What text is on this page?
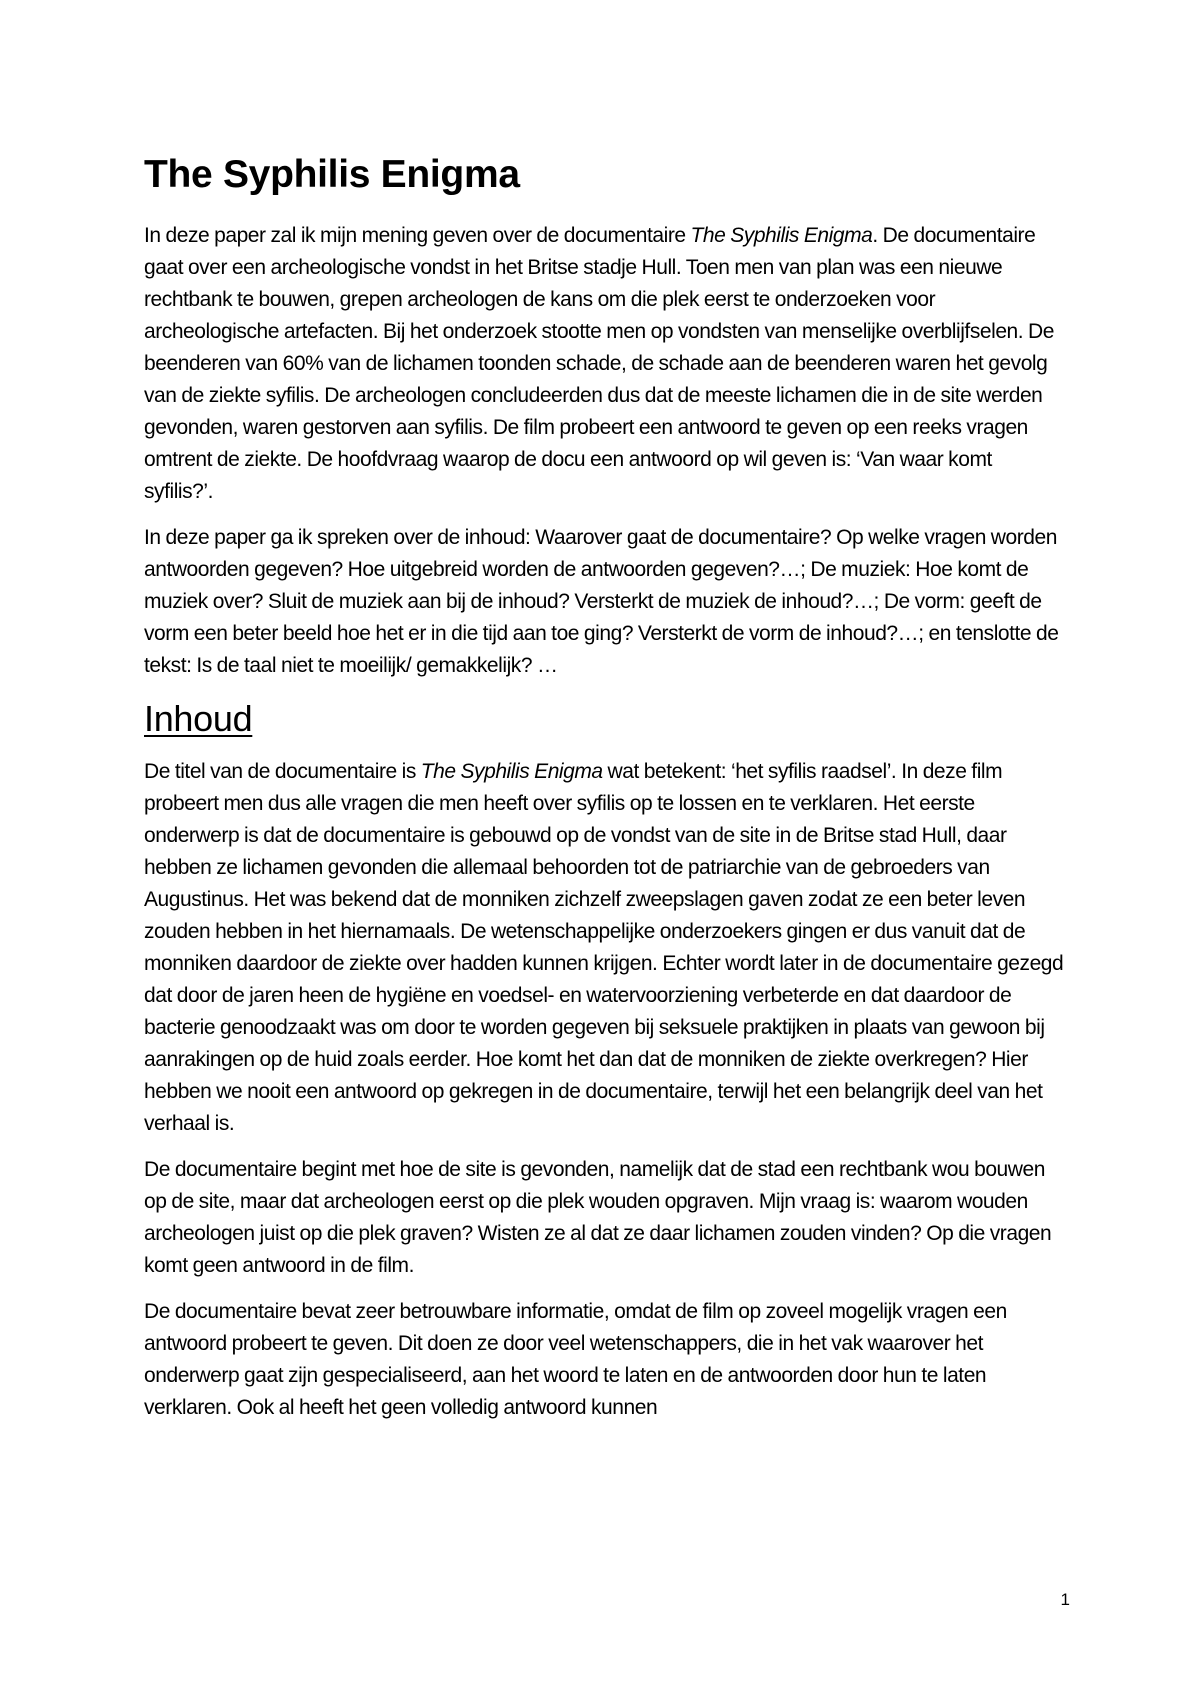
The Syphilis Enigma

In deze paper zal ik mijn mening geven over de documentaire The Syphilis Enigma. De documentaire gaat over een archeologische vondst in het Britse stadje Hull. Toen men van plan was een nieuwe rechtbank te bouwen, grepen archeologen de kans om die plek eerst te onderzoeken voor archeologische artefacten. Bij het onderzoek stootte men op vondsten van menselijke overblijfselen. De beenderen van 60% van de lichamen toonden schade, de schade aan de beenderen waren het gevolg van de ziekte syfilis. De archeologen concludeerden dus dat de meeste lichamen die in de site werden gevonden, waren gestorven aan syfilis. De film probeert een antwoord te geven op een reeks vragen omtrent de ziekte. De hoofdvraag waarop de docu een antwoord op wil geven is: ‘Van waar komt syfilis?’.

In deze paper ga ik spreken over de inhoud: Waarover gaat de documentaire? Op welke vragen worden antwoorden gegeven? Hoe uitgebreid worden de antwoorden gegeven?…; De muziek: Hoe komt de muziek over? Sluit de muziek aan bij de inhoud? Versterkt de muziek de inhoud?…; De vorm: geeft de vorm een beter beeld hoe het er in die tijd aan toe ging? Versterkt de vorm de inhoud?…; en tenslotte de tekst: Is de taal niet te moeilijk/ gemakkelijk? …

Inhoud

De titel van de documentaire is The Syphilis Enigma wat betekent: ‘het syfilis raadsel’. In deze film probeert men dus alle vragen die men heeft over syfilis op te lossen en te verklaren. Het eerste onderwerp is dat de documentaire is gebouwd op de vondst van de site in de Britse stad Hull, daar hebben ze lichamen gevonden die allemaal behoorden tot de patriarchie van de gebroeders van Augustinus. Het was bekend dat de monniken zichzelf zweepslagen gaven zodat ze een beter leven zouden hebben in het hiernamaals. De wetenschappelijke onderzoekers gingen er dus vanuit dat de monniken daardoor de ziekte over hadden kunnen krijgen. Echter wordt later in de documentaire gezegd dat door de jaren heen de hygiëne en voedsel- en watervoorziening verbeterde en dat daardoor de bacterie genoodzaakt was om door te worden gegeven bij seksuele praktijken in plaats van gewoon bij aanrakingen op de huid zoals eerder. Hoe komt het dan dat de monniken de ziekte overkregen? Hier hebben we nooit een antwoord op gekregen in de documentaire, terwijl het een belangrijk deel van het verhaal is.

De documentaire begint met hoe de site is gevonden, namelijk dat de stad een rechtbank wou bouwen op de site, maar dat archeologen eerst op die plek wouden opgraven. Mijn vraag is: waarom wouden archeologen juist op die plek graven? Wisten ze al dat ze daar lichamen zouden vinden? Op die vragen komt geen antwoord in de film.

De documentaire bevat zeer betrouwbare informatie, omdat de film op zoveel mogelijk vragen een antwoord probeert te geven. Dit doen ze door veel wetenschappers, die in het vak waarover het onderwerp gaat zijn gespecialiseerd, aan het woord te laten en de antwoorden door hun te laten verklaren. Ook al heeft het geen volledig antwoord kunnen

1
